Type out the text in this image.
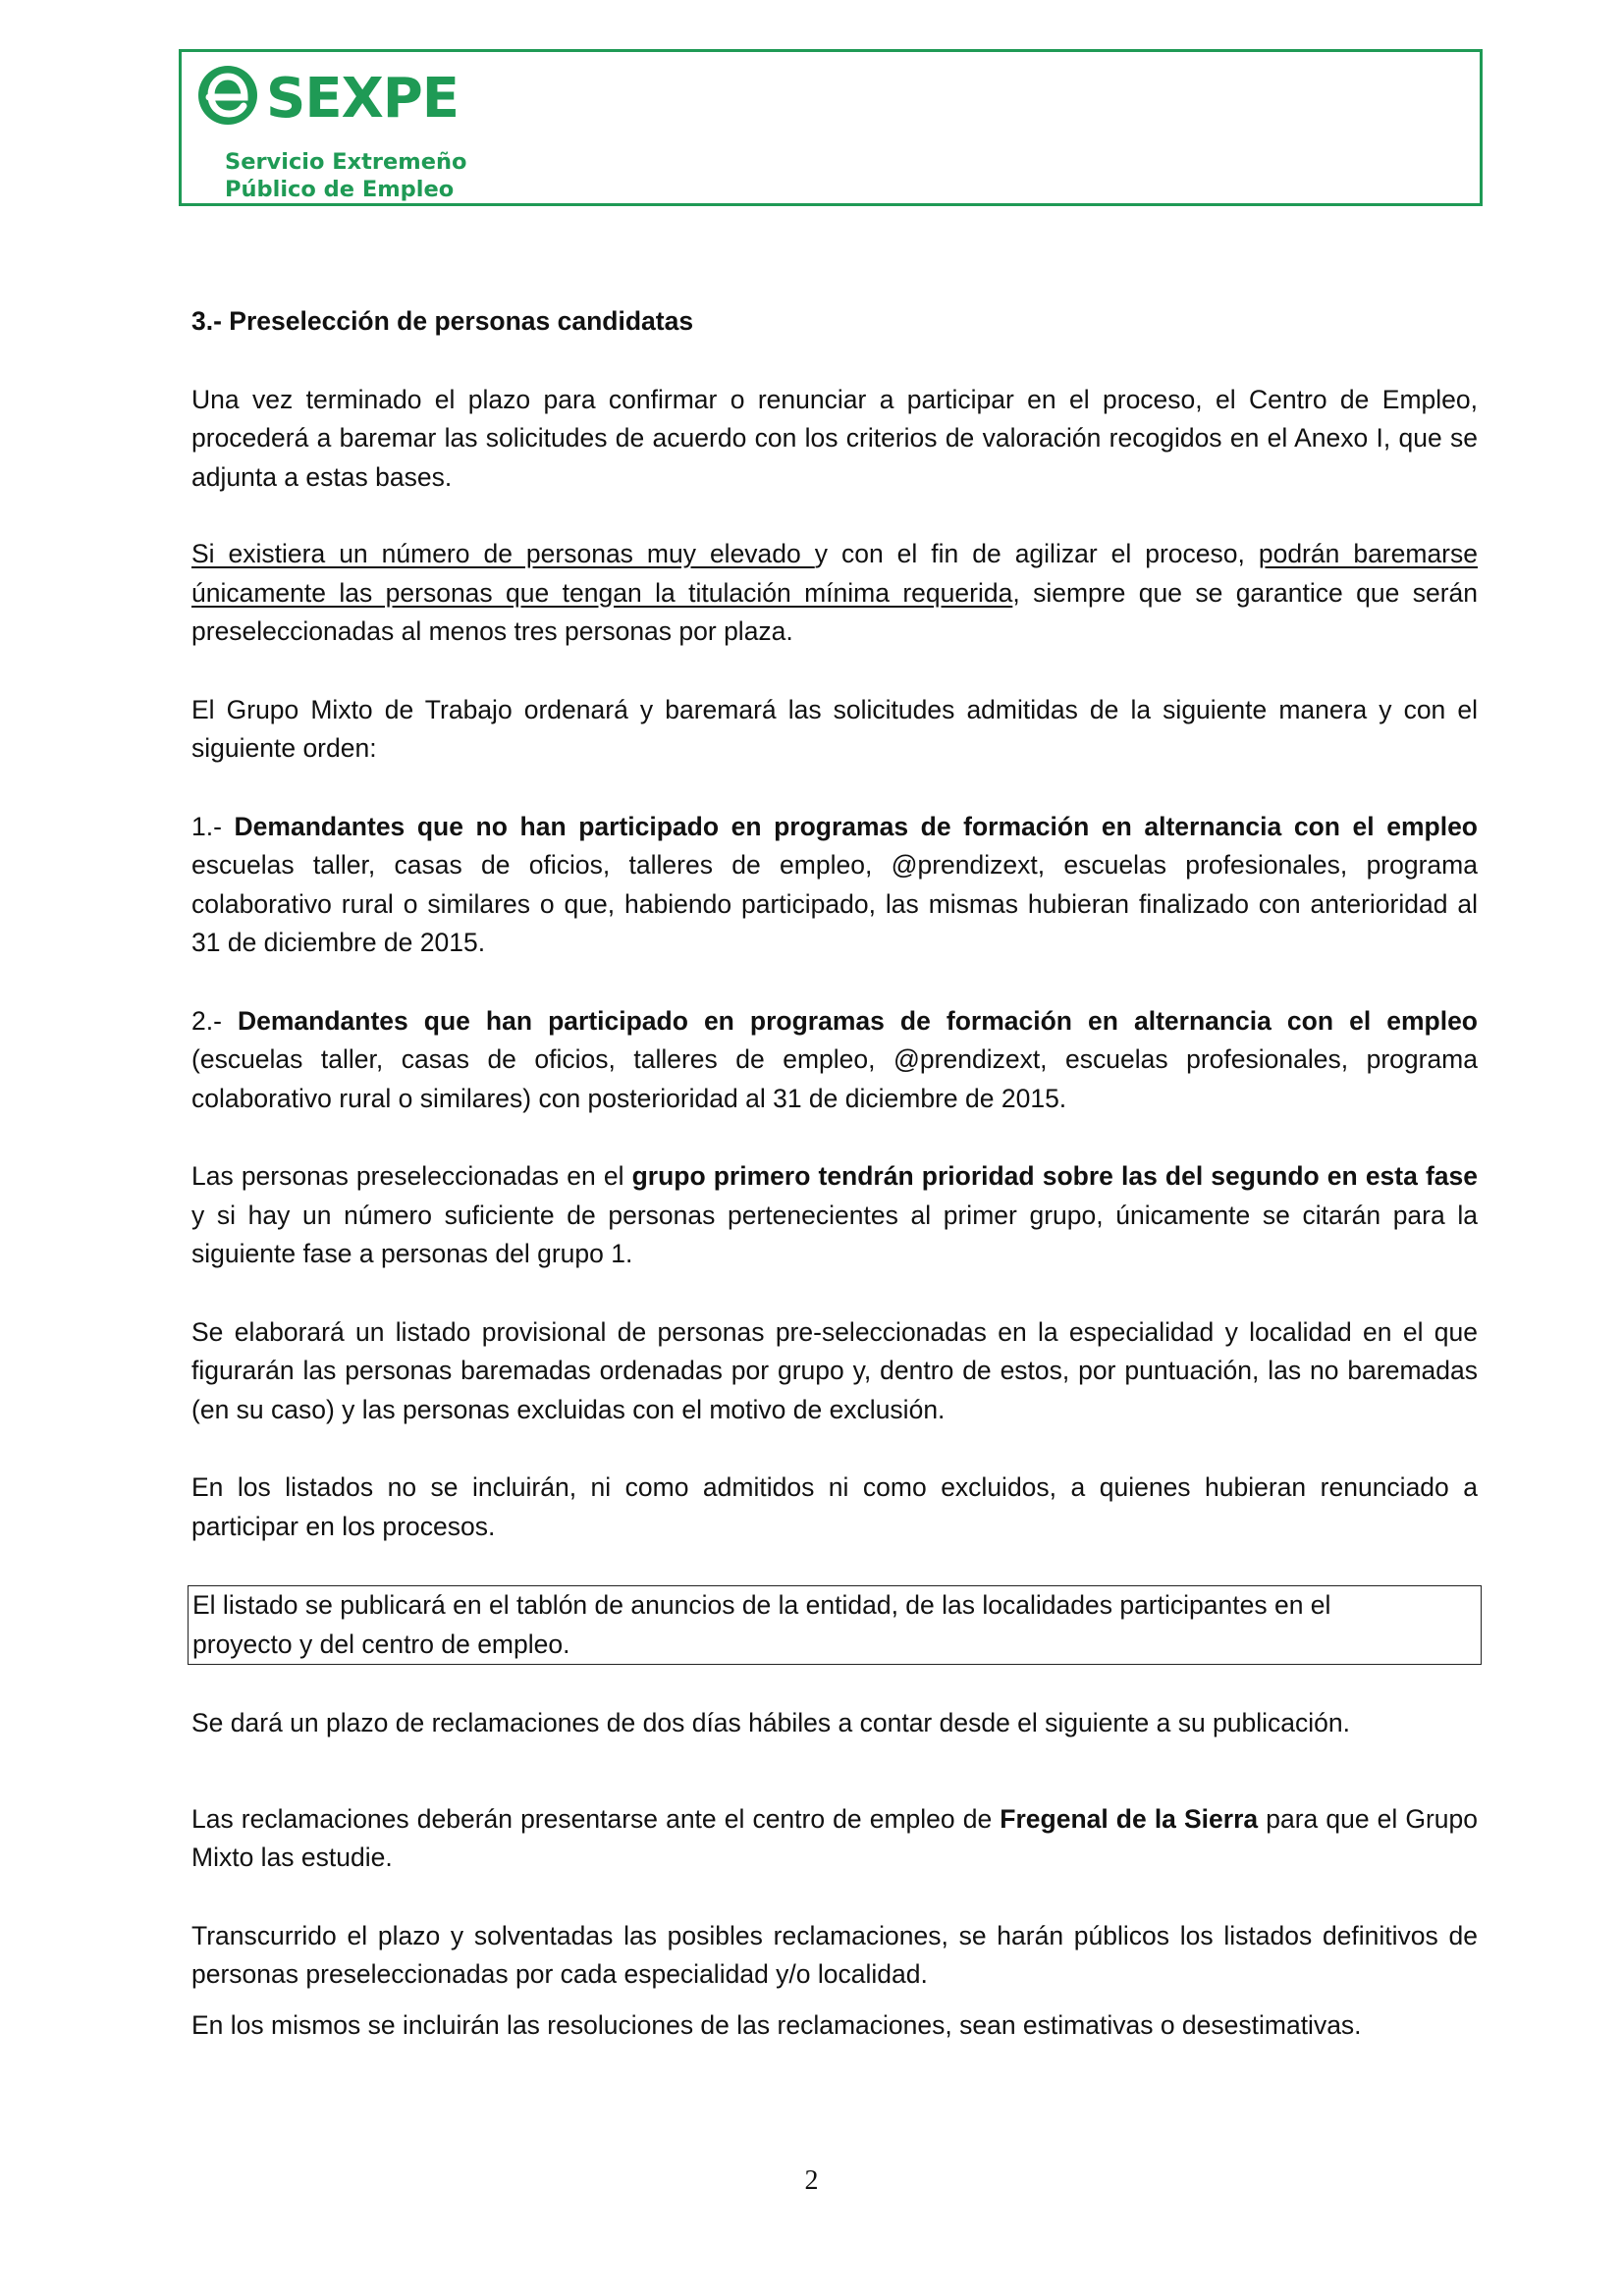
SEXPE
Servicio Extremeño
Público de Empleo

3.- Preselección de personas candidatas

Una vez terminado el plazo para confirmar o renunciar a participar en el proceso, el Centro de Empleo, procederá a baremar las solicitudes de acuerdo con los criterios de valoración recogidos en el Anexo I, que se adjunta a estas bases.

Si existiera un número de personas muy elevado y con el fin de agilizar el proceso, podrán baremarse únicamente las personas que tengan la titulación mínima requerida, siempre que se garantice que serán preseleccionadas al menos tres personas por plaza.

El Grupo Mixto de Trabajo ordenará y baremará las solicitudes admitidas de la siguiente manera y con el siguiente orden:

1.- Demandantes que no han participado en programas de formación en alternancia con el empleo escuelas taller, casas de oficios, talleres de empleo, @prendizext, escuelas profesionales, programa colaborativo rural o similares o que, habiendo participado, las mismas hubieran finalizado con anterioridad al 31 de diciembre de 2015.

2.- Demandantes que han participado en programas de formación en alternancia con el empleo (escuelas taller, casas de oficios, talleres de empleo, @prendizext, escuelas profesionales, programa colaborativo rural o similares) con posterioridad al 31 de diciembre de 2015.

Las personas preseleccionadas en el grupo primero tendrán prioridad sobre las del segundo en esta fase y si hay un número suficiente de personas pertenecientes al primer grupo, únicamente se citarán para la siguiente fase a personas del grupo 1.

Se elaborará un listado provisional de personas pre-seleccionadas en la especialidad y localidad en el que figurarán las personas baremadas ordenadas por grupo y, dentro de estos, por puntuación, las no baremadas (en su caso) y las personas excluidas con el motivo de exclusión.

En los listados no se incluirán, ni como admitidos ni como excluidos, a quienes hubieran renunciado a participar en los procesos.

El listado se publicará en el tablón de anuncios de la entidad, de las localidades participantes en el
proyecto y del centro de empleo.

Se dará un plazo de reclamaciones de dos días hábiles a contar desde el siguiente a su publicación.

Las reclamaciones deberán presentarse ante el centro de empleo de Fregenal de la Sierra para que el Grupo Mixto las estudie.

Transcurrido el plazo y solventadas las posibles reclamaciones, se harán públicos los listados definitivos de personas preseleccionadas por cada especialidad y/o localidad.

En los mismos se incluirán las resoluciones de las reclamaciones, sean estimativas o desestimativas.

2
